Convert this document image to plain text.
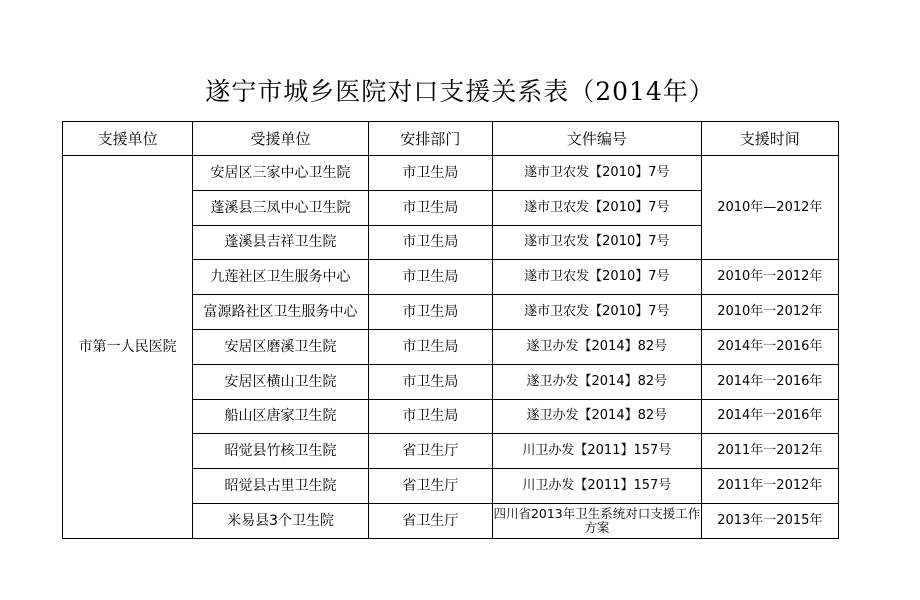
遂宁市城乡医院对口支援关系表（2014年）
支援单位	受援单位	安排部门	文件编号	支援时间
市第一人民医院	安居区三家中心卫生院	市卫生局	遂市卫农发【2010】7号	2010年—2012年
	蓬溪县三凤中心卫生院	市卫生局	遂市卫农发【2010】7号	
	蓬溪县吉祥卫生院	市卫生局	遂市卫农发【2010】7号	
	九莲社区卫生服务中心	市卫生局	遂市卫农发【2010】7号	2010年一2012年
	富源路社区卫生服务中心	市卫生局	遂市卫农发【2010】7号	2010年一2012年
	安居区磨溪卫生院	市卫生局	遂卫办发【2014】82号	2014年一2016年
	安居区横山卫生院	市卫生局	遂卫办发【2014】82号	2014年一2016年
	船山区唐家卫生院	市卫生局	遂卫办发【2014】82号	2014年一2016年
	昭觉县竹核卫生院	省卫生厅	川卫办发【2011】157号	2011年一2012年
	昭觉县古里卫生院	省卫生厅	川卫办发【2011】157号	2011年一2012年
	米易县3个卫生院	省卫生厅	四川省2013年卫生系统对口支援工作方案	2013年一2015年
